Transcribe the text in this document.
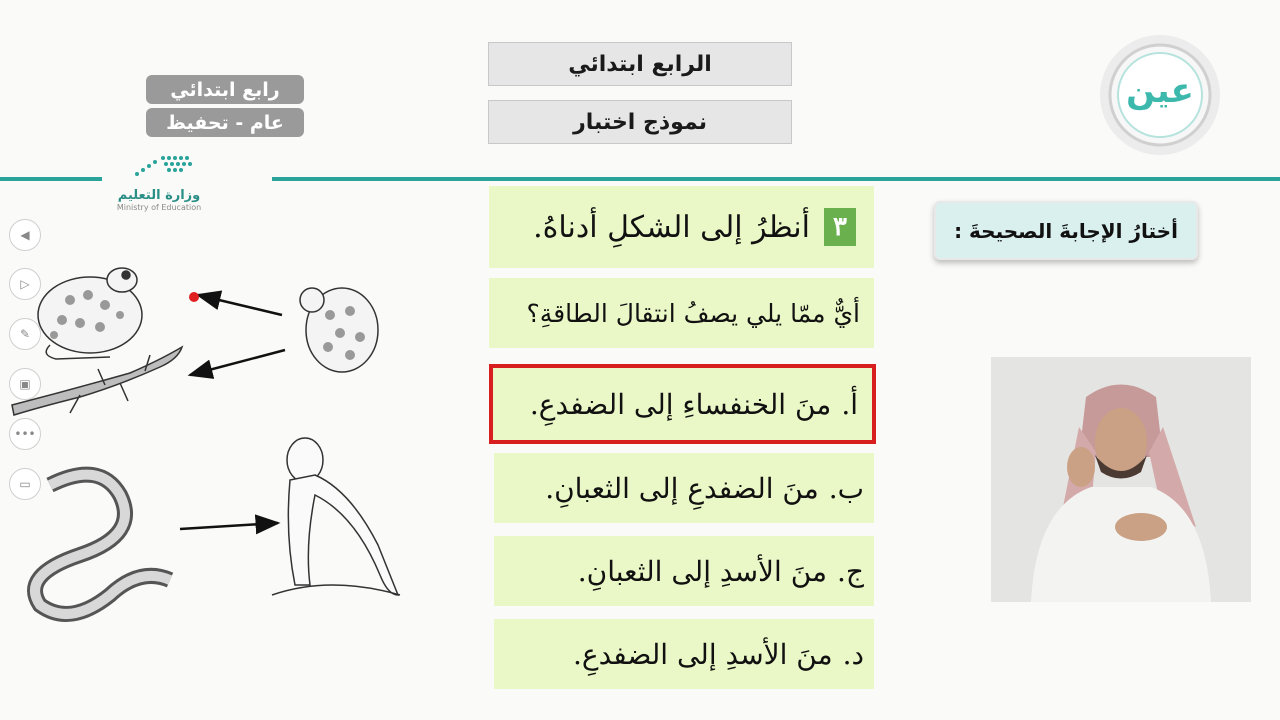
الرابع ابتدائي
نموذج اختبار
رابع ابتدائي
عام - تحفيظ
وزارة التعليم
Ministry of Education
عين
◀
▷
✎
▣
•••
▭
٣
أنظرُ إلى الشكلِ أدناهُ.
أيٌّ ممّا يلي يصفُ انتقالَ الطاقةِ؟
أ.
منَ الخنفساءِ إلى الضفدعِ.
ب.
منَ الضفدعِ إلى الثعبانِ.
ج.
منَ الأسدِ إلى الثعبانِ.
د.
منَ الأسدِ إلى الضفدعِ.
أختارُ الإجابةَ الصحيحةَ :
